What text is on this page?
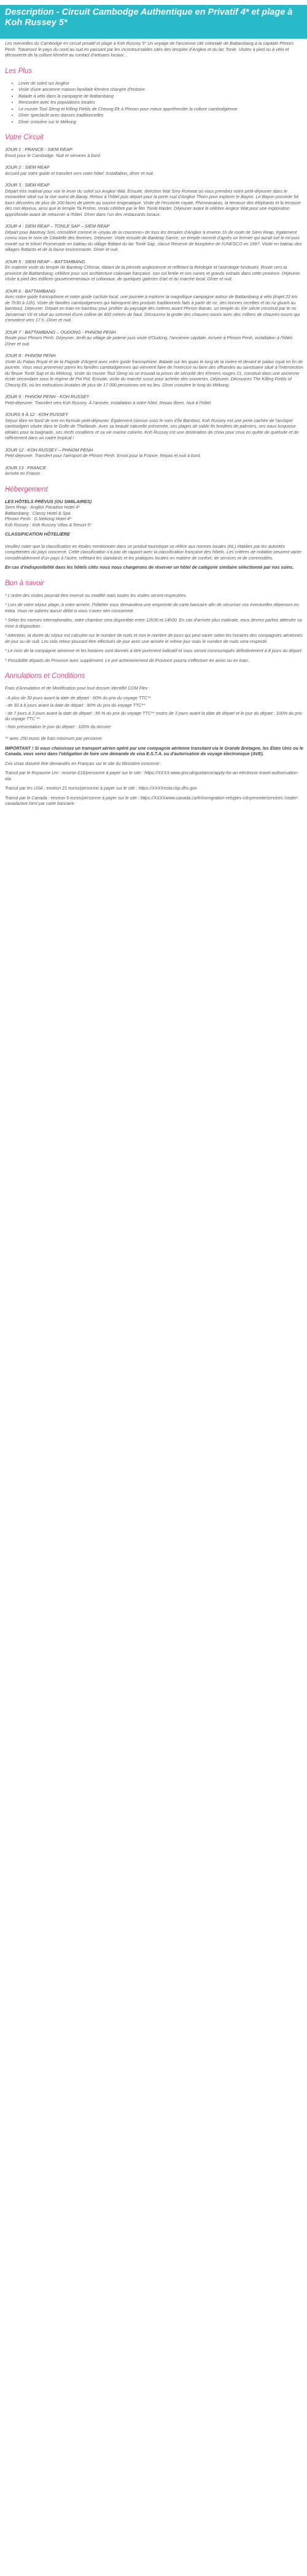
Description - Circuit Cambodge Authentique en Privatif 4* et plage à Koh Russey 5*

Les merveilles du Cambodge en circuit privatif et plage à Koh Russey 5* Un voyage de l'ancienne cité coloniale de Battambang à la capitale Phnom Penh. Traversez le pays du nord au sud en passant par les incontournables sites des temples d'Angkor et du lac Tonle. Visites à pied ou à vélo et découverte de la culture khmère au contact d'artisans locaux…

Les Plus
• Lever de soleil sur Angkor
• Visite d'une ancienne maison familiale khmère chargée d'histoire
• Balade à vélo dans la campagne de Battambang
• Rencontre avec les populations locales
• Le musée Toul Sleng et Killing Fields de Cheung Ek à Phnom pour mieux appréhender la culture cambodgienne
• Dîner spectacle avec danses traditionnelles
• Dîner croisière sur le Mékong
Votre Circuit
JOUR 1 : FRANCE - SIEM REAP
Envol pour le Cambodge. Nuit et services à bord.
JOUR 2 : SIEM REAP
Accueil par votre guide et transfert vers votre hôtel. Installation, dîner et nuit.
JOUR 3 : SIEM REAP
Départ très matinal pour voir le lever du soleil sur Angkor Wat. Ensuite, direction Wat Srey Romeat où vous prendrez votre petit-déjeuner dans le monastère situé sur la rive ouest de Baray. Retour à l'hôtel puis départ pour la porte sud d'Angkor Thom pour explorer le Bayon. Le Bayon possède 54 tours décorées de plus de 200 faces de pierre au sourire énigmatique. Visite de l'enceinte royale, Phimeanakas, la terrasse des éléphants et la terrasse des rois lépreux, ainsi que le temple Ta Prohm, rendu célèbre par le film Tomb Raider. Déjeuner avant le célèbre Angkor Wat pour une exploration approfondie avant de retourner à l'hôtel. Dîner dans l'un des restaurants locaux.
JOUR 4 : SIEM REAP – TONLE SAP – SIEM REAP
Départ pour Banteay Srei, considéré comme le «joyau de la couronne» de tous les temples d'Angkor à environ 1h de route de Siem Reap, également connu sous le nom de Citadelle des femmes. Déjeuner. Visite ensuite de Banteay Samre, un temple nommé d'après un fermier qui aurait tué le roi puis monté sur le trône! Promenade en bateau du village flottant du lac Tonlé Sap, classé Réserve de biosphère de l'UNESCO en 1997. Visite en bateau des villages flottants et de la faune environnante. Dîner et nuit.
JOUR 5 : SIEM REAP – BATTAMBANG
En matinée visite du temple de Banteay Chhmar, datant de la période angkorienne et reflétant la théologie et l'astrologie hindoues. Route vers la province de Battambang, célèbre pour son architecture coloniale française, son sol fertile et ses ruines et grands extraits dans cette province. Déjeuner. Visite à pied des édifices gouvernementaux et coloniaux, de quelques galeries d'art et du marché local. Dîner et nuit.
JOUR 6 : BATTAMBANG
Avec notre guide francophone et notre guide cycliste local, une journée à explorer la magnifique campagne autour de Battambang à vélo (trajet 22 km de 7h30 à 12h). Visite de familles cambodgiennes qui fabriquent des produits traditionnels faits à partir de riz, des bonnes recettes et du riz gluant au bambou). Déjeuner. Départ en train en bambou pour profiter du paysage des rizières avant Phnom Banan, un temple du XIe siècle construit par le roi Jarvarman VII et situé au sommet d'une colline de 400 mètres de haut. Découvrez la grotte des chauves-souris avec des milliers de chauves-souris qui s'envolent vers 17 h. Dîner et nuit.
JOUR 7 : BATTAMBANG – OUDONG - PHNOM PENH
Route pour Phnom Penh. Déjeuner. Arrêt au village de poterie puis visite d'Oudong, l'ancienne capitale. Arrivée à Phnom Penh, installation à l'hôtel. Dîner et nuit.
JOUR 8 : PHNOM PENH
Visite du Palais Royal et de la Pagode d'Argent avec votre guide francophone. Balade sur les quais le long de la rivière et devant le palais royal en fin de journée. Vous vous promenez parmi les familles cambodgiennes qui viennent faire de l'exercice ou faire des offrandes au sanctuaire situé à l'intersection du fleuve Tonlé Sap et du Mékong. Visite du musée Toul Sleng où se trouvait la prison de sécurité des Khmers rouges 21, construit dans une ancienne école secondaire sous le régime de Pol Pot. Ensuite, visite du marché russe pour acheter des souvenirs. Déjeuner. Découvrez The Killing Fields of Cheung Ek, où les exécutions brutales de plus de 17 000 personnes ont eu lieu. Dîner croisière le long du Mékong.
JOUR 9 : PHNOM PENH - KOH RUSSEY
Petit-déjeuner. Transfert vers Koh Russey. À l'arrivée, installation à votre hôtel. Repas libres. Nuit à l'hôtel.
JOURS 9 À 12 : KOH RUSSEY
Séjour libre en bord de mer en formule petit-déjeuner. Également connue sous le nom d'île Bamboo, Koh Russey est une perle cachée de l'archipel cambodgien située dans le Golfe de Thaïlande. Avec sa beauté naturelle préservée, ses plages de sable fin bordées de palmiers, ses eaux turquoise idéales pour la baignade, ses récifs coralliens et sa vie marine colorée, Koh Russey est une destination de choix pour ceux en quête de quiétude et de raffinement dans un cadre tropical !
JOUR 12 : KOH RUSSEY – PHNOM PENH
Petit-déjeuner. Transfert pour l'aéroport de Phnom Penh. Envol pour la France. Repas et nuit à bord.
JOUR 13 : FRANCE
Arrivée en France.
Hébergement
LES HÔTELS PRÉVUS (OU SIMILAIRES)
Siem Reap : Angkor Paradise Hotel 4*
Battambang : Classy Hotel & Spa
Phnom Penh : G Mekong Hotel 4*
Koh Russey : Koh Russey Villas & Resort 5*
CLASSIFICATION HÔTELIÈRE

Veuillez noter que la classification en étoiles mentionnée dans ce produit touristique se réfère aux normes locales (NL) établies par les autorités compétentes du pays concerné. Cette classification n'a pas de rapport avec la classification française des hôtels. Les critères de notation peuvent varier considérablement d'un pays à l'autre, reflétant les standards et les pratiques locales en matière de confort, de services et de commodités.

En cas d'indisponibilité dans les hôtels cités nous nous chargerons de réserver un hôtel de catégorie similaire sélectionné par nos soins.

Bon à savoir

* L'ordre des visites pourrait être inversé ou modifié mais toutes les visites seront respectées.

* Lors de votre séjour plage, à votre arrivée, l'hôtelier vous demandera une empreinte de carte bancaire afin de sécuriser vos éventuelles dépenses en extra. Vous ne subirez aucun débit si vous n'avez rien consommé.

* Selon les normes internationales, votre chambre sera disponible entre 12h30 et 14h00. En cas d'arrivée plus matinale, vous devrez parfois attendre sa mise à disposition.

* Attention, la durée du séjour est calculée sur le nombre de nuits et non le nombre de jours qui peut varier selon les horaires des compagnies aériennes de jour ou de nuit. Les vols retour pouvant être effectués de jour avec une arrivée le même jour mais le nombre de nuits sera respecté.

* Le nom de la compagnie aérienne et les horaires sont donnés à titre purement indicatif et vous seront communiqués définitivement à 8 jours du départ.

* Possibilité départs de Province avec supplément. Le pré acheminement de Province pourra s'effectuer en avion ou en train.

Annulations et Conditions

Frais d'Annulation et de Modification pour tout dossier Identifié CDM Flex :

- A plus de 30 jours avant la date de départ : 60% du prix du voyage TTC**
- de 30 à 8 jours avant la date de départ : 80% du prix du voyage TTC**
- de 7 jours à 3 jours avant la date de départ : 95 % du prix du voyage TTC** moins de 3 jours avant la date de départ et le jour du départ : 100% du prix du voyage TTC **
- Non présentation le jour du départ : 100% du dossier

** avec 250 euros de frais minimum par personne

IMPORTANT ! Si vous choisissez un transport aérien opéré par une compagnie aérienne transitant via le Grande Bretagne, les États Unis ou le Canada, vous serez dans l'obligation de faire une demande de visa E.S.T.A. ou d'autorisation de voyage électronique (AVE).

Ces visas doivent être demandés en Français sur le site du Ministère concerné :

Transit par le Royaume Uni : environ £16/personne à payer sur le site : https://XXXX.www.gov.uk/guidance/apply-for-an-electronic-travel-authorisation-eta

Transit par les USA : environ 21 euros/personne à payer sur le site : https://XXXXesta.cbp.dhs.gov

Transit par le Canada : environ 5 euros/personne à payer sur le site : https://XXXXwww.canada.ca/fr/immigration-refugies-citoyennete/services /visiter-canada/ave.html par carte bancaire.
